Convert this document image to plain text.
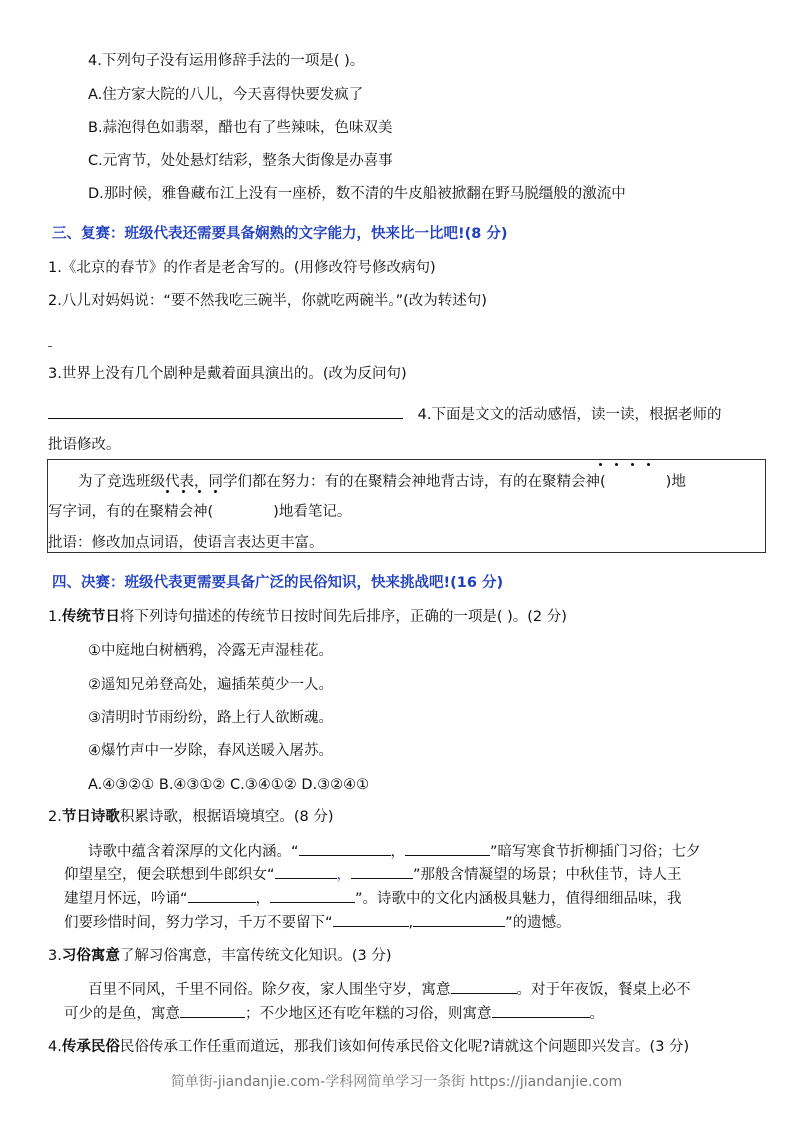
4.下列句子没有运用修辞手法的一项是( )。
A.住方家大院的八儿，今天喜得快要发疯了
B.蒜泡得色如翡翠，醋也有了些辣味，色味双美
C.元宵节，处处悬灯结彩，整条大街像是办喜事
D.那时候，雅鲁藏布江上没有一座桥，数不清的牛皮船被掀翻在野马脱缰般的激流中
三、复赛：班级代表还需要具备娴熟的文字能力，快来比一比吧!(8 分)
1.《北京的春节》的作者是老舍写的。(用修改符号修改病句)
2.八儿对妈妈说：“要不然我吃三碗半，你就吃两碗半。”(改为转述句)
3.世界上没有几个剧种是戴着面具演出的。(改为反问句)
4.下面是文文的活动感悟，读一读，根据老师的
批语修改。
为了竞选班级代表，同学们都在努力：有的在聚精会神地背古诗，有的在聚精会神(	)地
写字词，有的在聚精会神(	)地看笔记。
批语：修改加点词语，使语言表达更丰富。
四、决赛：班级代表更需要具备广泛的民俗知识，快来挑战吧!(16 分)
1.传统节日将下列诗句描述的传统节日按时间先后排序，正确的一项是( )。(2 分)
①中庭地白树栖鸦，冷露无声湿桂花。
②遥知兄弟登高处，遍插茱萸少一人。
③清明时节雨纷纷，路上行人欲断魂。
④爆竹声中一岁除，春风送暖入屠苏。
A.④③②① B.④③①② C.③④①② D.③②④①
2.节日诗歌积累诗歌，根据语境填空。(8 分)
诗歌中蕴含着深厚的文化内涵。“	，	”暗写寒食节折柳插门习俗；七夕
仰望星空，便会联想到牛郎织女“	，	”那般含情凝望的场景；中秋佳节，诗人王
建望月怀远，吟诵“	，	”。诗歌中的文化内涵极具魅力，值得细细品味，我
们要珍惜时间，努力学习，千万不要留下“	,	”的遗憾。
3.习俗寓意了解习俗寓意，丰富传统文化知识。(3 分)
百里不同风，千里不同俗。除夕夜，家人围坐守岁，寓意	。对于年夜饭，餐桌上必不
可少的是鱼，寓意	；不少地区还有吃年糕的习俗，则寓意	。
4.传承民俗民俗传承工作任重而道远，那我们该如何传承民俗文化呢?请就这个问题即兴发言。(3 分)
简单街-jiandanjie.com-学科网简单学习一条街 https://jiandanjie.com
